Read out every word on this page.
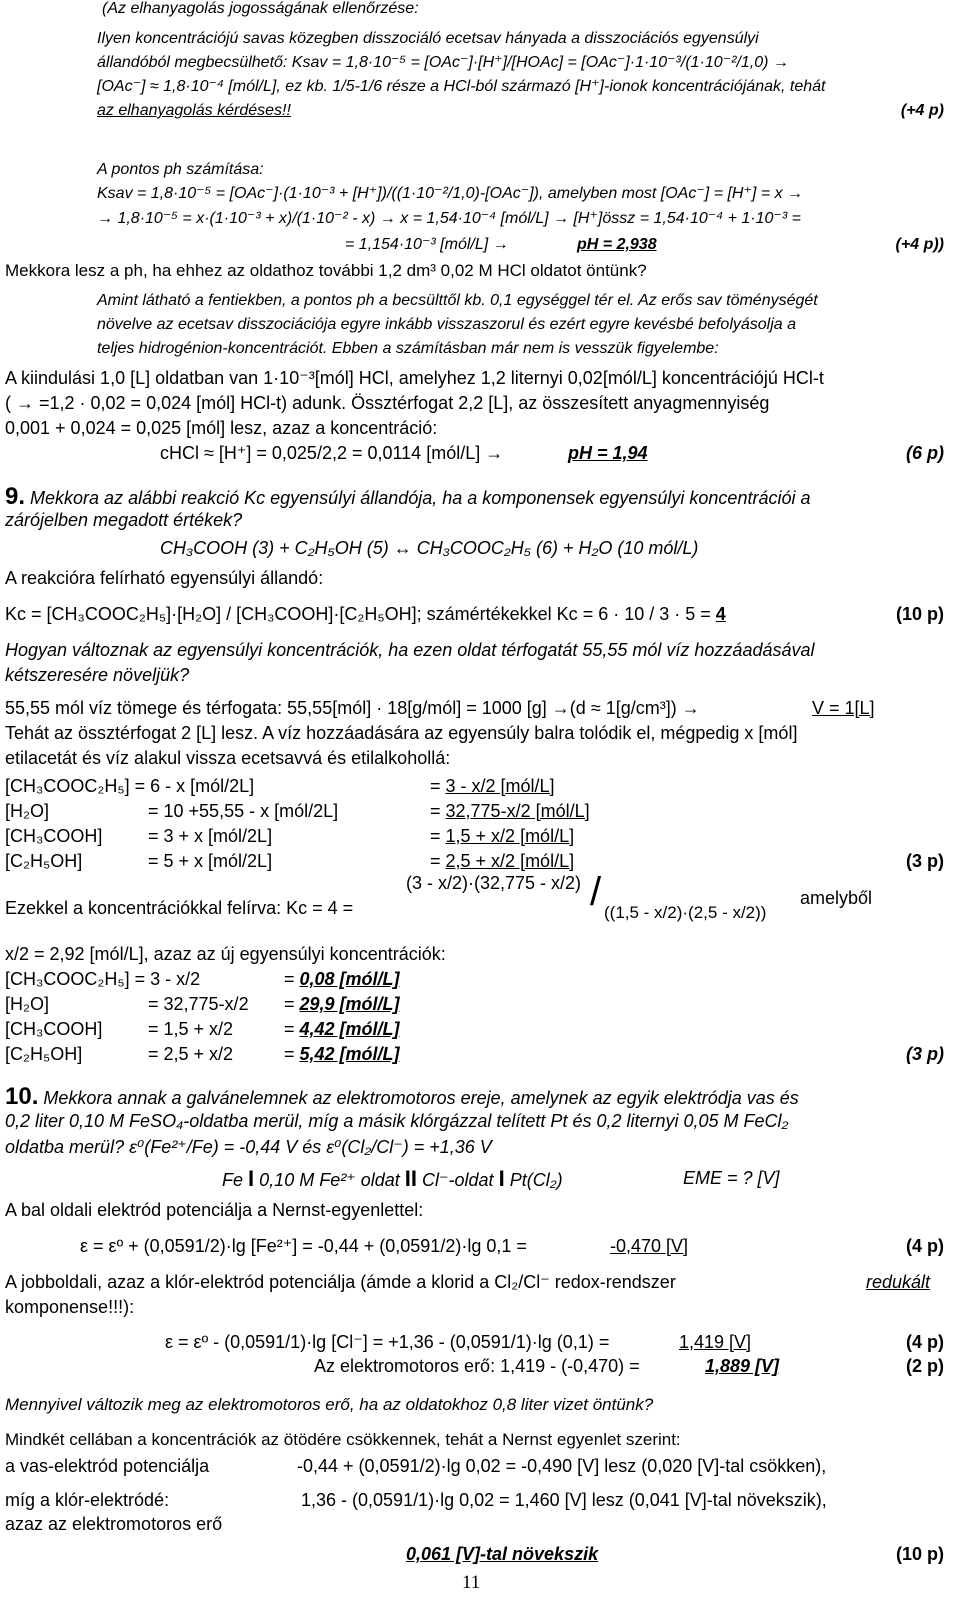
(Az elhanyagolás jogosságának ellenőrzése:
Ilyen koncentrációjú savas közegben disszociáló ecetsav hányada a disszociációs egyensúlyi
állandóból megbecsülhető: Ksav = 1,8·10⁻⁵ = [OAc⁻]·[H⁺]/[HOAc] = [OAc⁻]·1·10⁻³/(1·10⁻²/1,0) →
[OAc⁻] ≈ 1,8·10⁻⁴ [mól/L], ez kb. 1/5-1/6 része a HCl-ból származó [H⁺]-ionok koncentrációjának, tehát
az elhanyagolás kérdéses!!	(+4 p)
A pontos ph számítása:
Ksav = 1,8·10⁻⁵ = [OAc⁻]·(1·10⁻³ + [H⁺])/((1·10⁻²/1,0)-[OAc⁻]), amelyben most [OAc⁻] = [H⁺] = x →
→ 1,8·10⁻⁵ = x·(1·10⁻³ + x)/(1·10⁻² - x) → x = 1,54·10⁻⁴ [mól/L] → [H⁺]össz = 1,54·10⁻⁴ + 1·10⁻³ =
= 1,154·10⁻³ [mól/L] →	pH = 2,938	(+4 p))
Mekkora lesz a ph, ha ehhez az oldathoz további 1,2 dm³ 0,02 M HCl oldatot öntünk?
Amint látható a fentiekben, a pontos ph a becsülttől kb. 0,1 egységgel tér el. Az erős sav töménységét
növelve az ecetsav disszociációja egyre inkább visszaszorul és ezért egyre kevésbé befolyásolja a
teljes hidrogénion-koncentrációt. Ebben a számításban már nem is vesszük figyelembe:
A kiindulási 1,0 [L] oldatban van 1·10⁻³[mól] HCl, amelyhez 1,2 liternyi 0,02[mól/L] koncentrációjú HCl-t
( → =1,2 · 0,02 = 0,024 [mól] HCl-t) adunk. Össztérfogat 2,2 [L], az összesített anyagmennyiség
0,001 + 0,024 = 0,025 [mól] lesz, azaz a koncentráció:
cHCl ≈ [H⁺] = 0,025/2,2 = 0,0114 [mól/L] →	pH = 1,94	(6 p)
9. Mekkora az alábbi reakció Kc egyensúlyi állandója, ha a komponensek egyensúlyi koncentrációi a
zárójelben megadott értékek?
CH₃COOH (3) + C₂H₅OH (5) ↔ CH₃COOC₂H₅ (6) + H₂O (10 mól/L)
A reakcióra felírható egyensúlyi állandó:
Kc = [CH₃COOC₂H₅]·[H₂O] / [CH₃COOH]·[C₂H₅OH]; számértékekkel Kc = 6 · 10 / 3 · 5 = 4	(10 p)
Hogyan változnak az egyensúlyi koncentrációk, ha ezen oldat térfogatát 55,55 mól víz hozzáadásával
kétszeresére növeljük?
55,55 mól víz tömege és térfogata: 55,55[mól] · 18[g/mól] = 1000 [g] →(d ≈ 1[g/cm³]) →	V = 1[L]
Tehát az össztérfogat 2 [L] lesz. A víz hozzáadására az egyensúly balra tolódik el, mégpedig x [mól]
etilacetát és víz alakul vissza ecetsavvá és etilalkohollá:
[CH₃COOC₂H₅] = 6 - x [mól/2L]	= 3 - x/2 [mól/L]
[H₂O]	= 10 +55,55 - x [mól/2L]	= 32,775-x/2 [mól/L]
[CH₃COOH]	= 3 + x [mól/2L]	= 1,5 + x/2 [mól/L]
[C₂H₅OH]	= 5 + x [mól/2L]	= 2,5 + x/2 [mól/L]	(3 p)
Ezekkel a koncentrációkkal felírva: Kc = 4 =
(3 - x/2)·(32,775 - x/2) / ((1,5 - x/2)·(2,5 - x/2))
amelyből
x/2 = 2,92 [mól/L], azaz az új egyensúlyi koncentrációk:
[CH₃COOC₂H₅] = 3 - x/2	= 0,08 [mól/L]
[H₂O]	= 32,775-x/2 = 29,9 [mól/L]
[CH₃COOH]	= 1,5 + x/2	= 4,42 [mól/L]
[C₂H₅OH]	= 2,5 + x/2	= 5,42 [mól/L]	(3 p)
10. Mekkora annak a galvánelemnek az elektromotoros ereje, amelynek az egyik elektródja vas és
0,2 liter 0,10 M FeSO₄-oldatba merül, míg a másik klórgázzal telített Pt és 0,2 liternyi 0,05 M FeCl₂
oldatba merül? ε⁰(Fe²⁺/Fe) = -0,44 V és ε⁰(Cl₂/Cl⁻) = +1,36 V
Fe I 0,10 M Fe²⁺ oldat II Cl⁻-oldat I Pt(Cl₂)	EME = ? [V]
A bal oldali elektród potenciálja a Nernst-egyenlettel:
ε = εº + (0,0591/2)·lg [Fe²⁺] = -0,44 + (0,0591/2)·lg 0,1 =	-0,470 [V]	(4 p)
A jobboldali, azaz a klór-elektród potenciálja (ámde a klorid a Cl₂/Cl⁻ redox-rendszer	redukált
komponense!!!):
ε = εº - (0,0591/1)·lg [Cl⁻] = +1,36 - (0,0591/1)·lg (0,1) =	1,419 [V]	(4 p)
Az elektromotoros erő: 1,419 - (-0,470) =	1,889 [V]	(2 p)
Mennyivel változik meg az elektromotoros erő, ha az oldatokhoz 0,8 liter vizet öntünk?
Mindkét cellában a koncentrációk az ötödére csökkennek, tehát a Nernst egyenlet szerint:
a vas-elektród potenciálja	-0,44 + (0,0591/2)·lg 0,02 = -0,490 [V] lesz (0,020 [V]-tal csökken),
míg a klór-elektródé:	1,36 - (0,0591/1)·lg 0,02 = 1,460 [V] lesz (0,041 [V]-tal növekszik),
azaz az elektromotoros erő
0,061 [V]-tal növekszik	(10 p)
11
